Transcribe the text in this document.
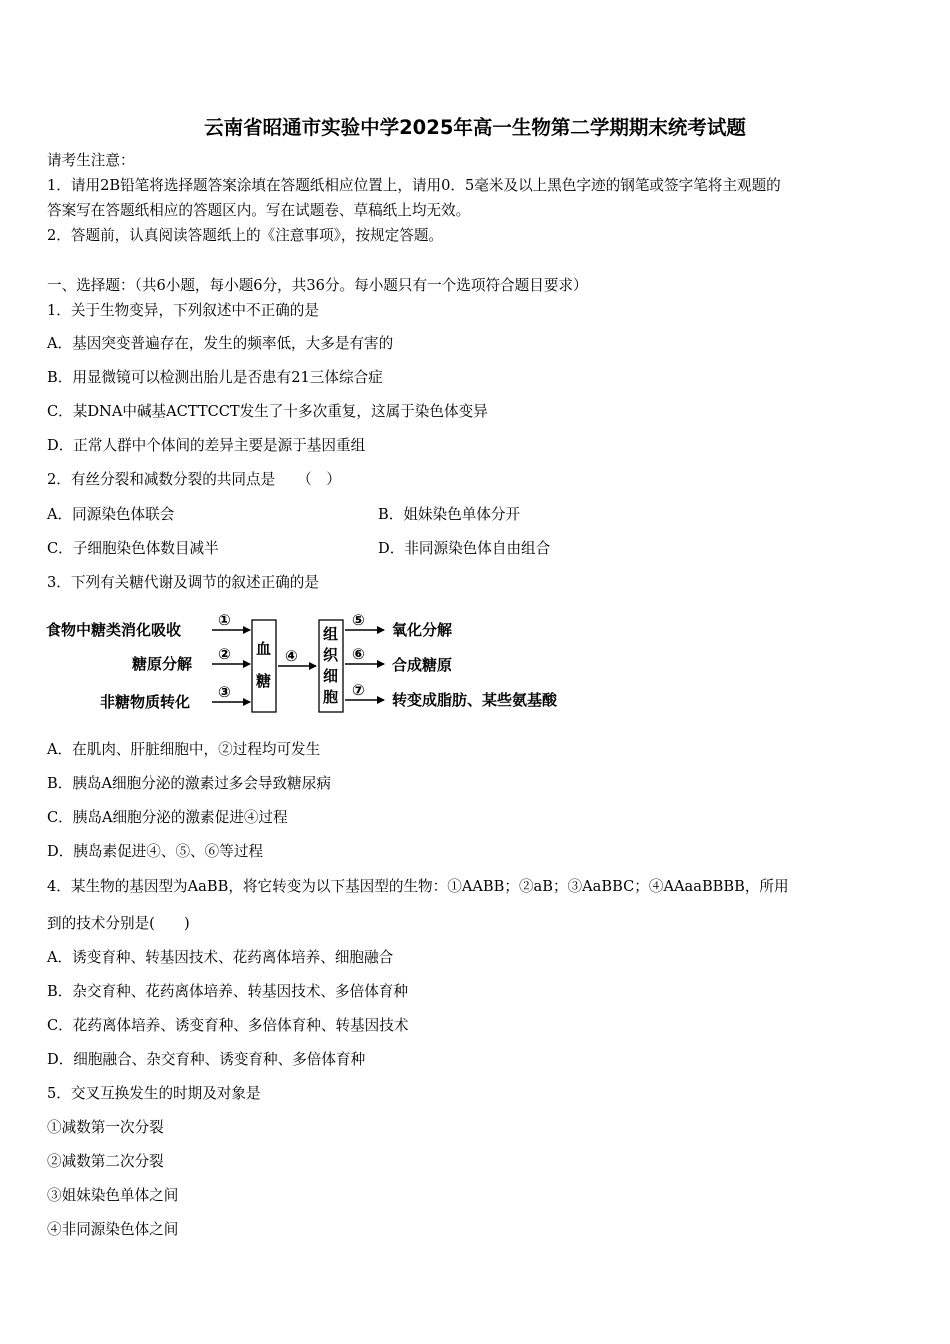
云南省昭通市实验中学2025年高一生物第二学期期末统考试题
请考生注意：
1．请用2B铅笔将选择题答案涂填在答题纸相应位置上，请用0．5毫米及以上黑色字迹的钢笔或签字笔将主观题的
答案写在答题纸相应的答题区内。写在试题卷、草稿纸上均无效。
2．答题前，认真阅读答题纸上的《注意事项》，按规定答题。
一、选择题：（共6小题，每小题6分，共36分。每小题只有一个选项符合题目要求）
1．关于生物变异，下列叙述中不正确的是
A．基因突变普遍存在，发生的频率低，大多是有害的
B．用显微镜可以检测出胎儿是否患有21三体综合症
C．某DNA中碱基ACTTCCT发生了十多次重复，这属于染色体变异
D．正常人群中个体间的差异主要是源于基因重组
2．有丝分裂和减数分裂的共同点是　　（　）
A．同源染色体联会	B．姐妹染色单体分开
C．子细胞染色体数目减半	D．非同源染色体自由组合
3．下列有关糖代谢及调节的叙述正确的是
食物中糖类消化吸收
糖原分解
非糖物质转化
①
②
③
血
糖
④
组
织
细
胞
⑤
⑥
⑦
氧化分解
合成糖原
转变成脂肪、某些氨基酸
A．在肌肉、肝脏细胞中，②过程均可发生
B．胰岛A细胞分泌的激素过多会导致糖尿病
C．胰岛A细胞分泌的激素促进④过程
D．胰岛素促进④、⑤、⑥等过程
4．某生物的基因型为AaBB，将它转变为以下基因型的生物：①AABB；②aB；③AaBBC；④AAaaBBBB，所用
到的技术分别是(　　)
A．诱变育种、转基因技术、花药离体培养、细胞融合
B．杂交育种、花药离体培养、转基因技术、多倍体育种
C．花药离体培养、诱变育种、多倍体育种、转基因技术
D．细胞融合、杂交育种、诱变育种、多倍体育种
5．交叉互换发生的时期及对象是
①减数第一次分裂
②减数第二次分裂
③姐妹染色单体之间
④非同源染色体之间
